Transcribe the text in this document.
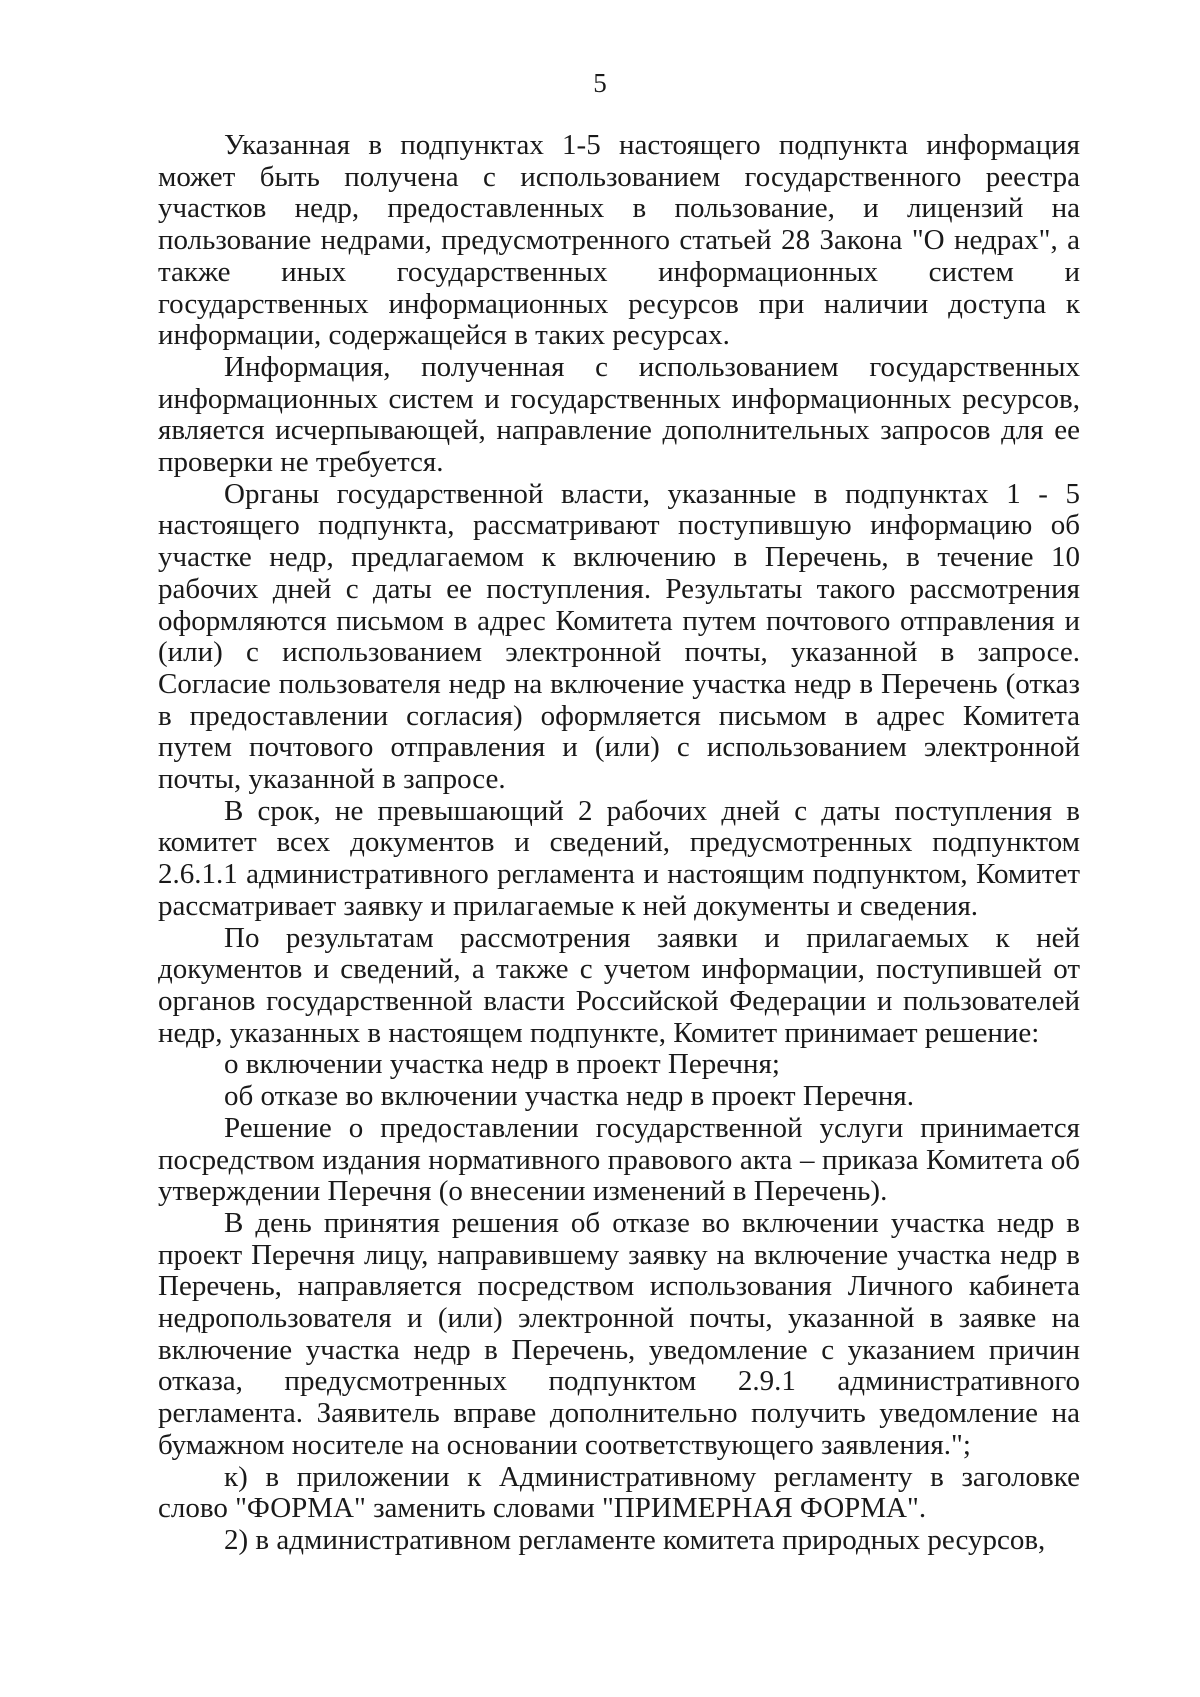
5

Указанная в подпунктах 1-5 настоящего подпункта информация может быть получена с использованием государственного реестра участков недр, предоставленных в пользование, и лицензий на пользование недрами, предусмотренного статьей 28 Закона "О недрах", а также иных государственных информационных систем и государственных информационных ресурсов при наличии доступа к информации, содержащейся в таких ресурсах.

Информация, полученная с использованием государственных информационных систем и государственных информационных ресурсов, является исчерпывающей, направление дополнительных запросов для ее проверки не требуется.

Органы государственной власти, указанные в подпунктах 1 - 5 настоящего подпункта, рассматривают поступившую информацию об участке недр, предлагаемом к включению в Перечень, в течение 10 рабочих дней с даты ее поступления. Результаты такого рассмотрения оформляются письмом в адрес Комитета путем почтового отправления и (или) с использованием электронной почты, указанной в запросе. Согласие пользователя недр на включение участка недр в Перечень (отказ в предоставлении согласия) оформляется письмом в адрес Комитета путем почтового отправления и (или) с использованием электронной почты, указанной в запросе.

В срок, не превышающий 2 рабочих дней с даты поступления в комитет всех документов и сведений, предусмотренных подпунктом 2.6.1.1 административного регламента и настоящим подпунктом, Комитет рассматривает заявку и прилагаемые к ней документы и сведения.

По результатам рассмотрения заявки и прилагаемых к ней документов и сведений, а также с учетом информации, поступившей от органов государственной власти Российской Федерации и пользователей недр, указанных в настоящем подпункте, Комитет принимает решение:

о включении участка недр в проект Перечня;

об отказе во включении участка недр в проект Перечня.

Решение о предоставлении государственной услуги принимается посредством издания нормативного правового акта – приказа Комитета об утверждении Перечня (о внесении изменений в Перечень).

В день принятия решения об отказе во включении участка недр в проект Перечня лицу, направившему заявку на включение участка недр в Перечень, направляется посредством использования Личного кабинета недропользователя и (или) электронной почты, указанной в заявке на включение участка недр в Перечень, уведомление с указанием причин отказа, предусмотренных подпунктом 2.9.1 административного регламента. Заявитель вправе дополнительно получить уведомление на бумажном носителе на основании соответствующего заявления.";

к) в приложении к Административному регламенту в заголовке слово "ФОРМА" заменить словами "ПРИМЕРНАЯ ФОРМА".

2) в административном регламенте комитета природных ресурсов,
